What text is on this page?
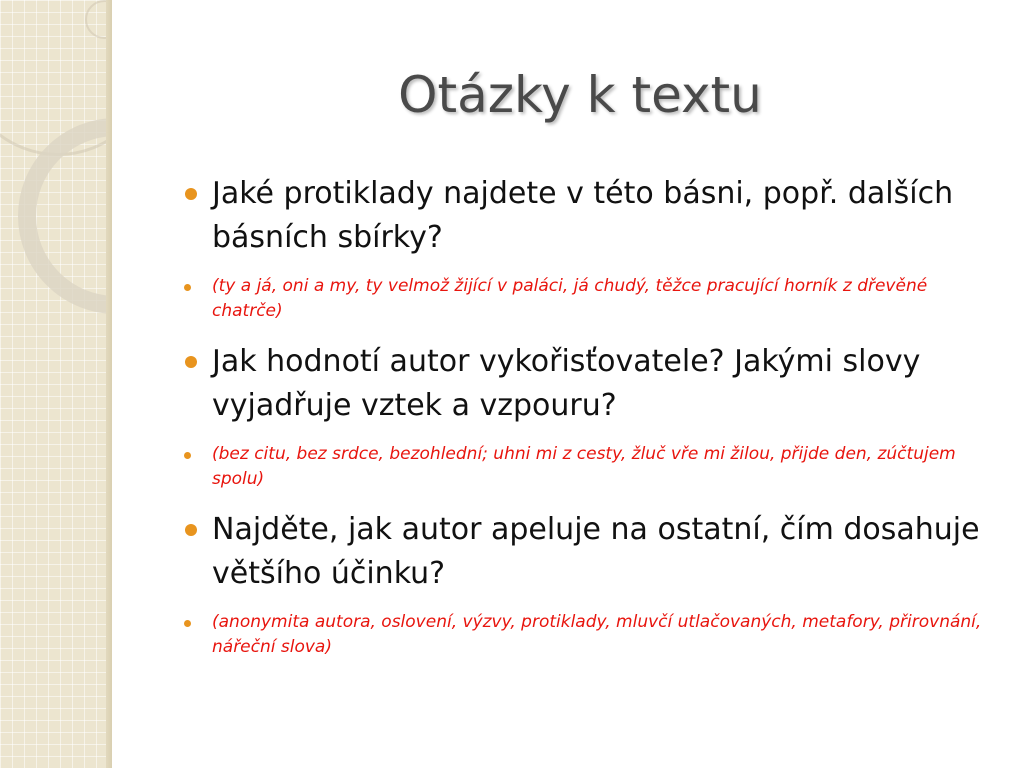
Otázky k textu
Jaké protiklady najdete v této básni, popř. dalších básních sbírky?
(ty a já, oni a my, ty velmož žijící v paláci, já chudý, těžce pracující horník z dřevěné chatrče)
Jak hodnotí autor vykořisťovatele? Jakými slovy vyjadřuje vztek a vzpouru?
(bez citu, bez srdce, bezohlední; uhni mi z cesty, žluč vře mi žilou, přijde den, zúčtujem spolu)
Najděte, jak autor apeluje na ostatní, čím dosahuje většího účinku?
(anonymita autora, oslovení, výzvy, protiklady, mluvčí utlačovaných, metafory, přirovnání, nářeční slova)
